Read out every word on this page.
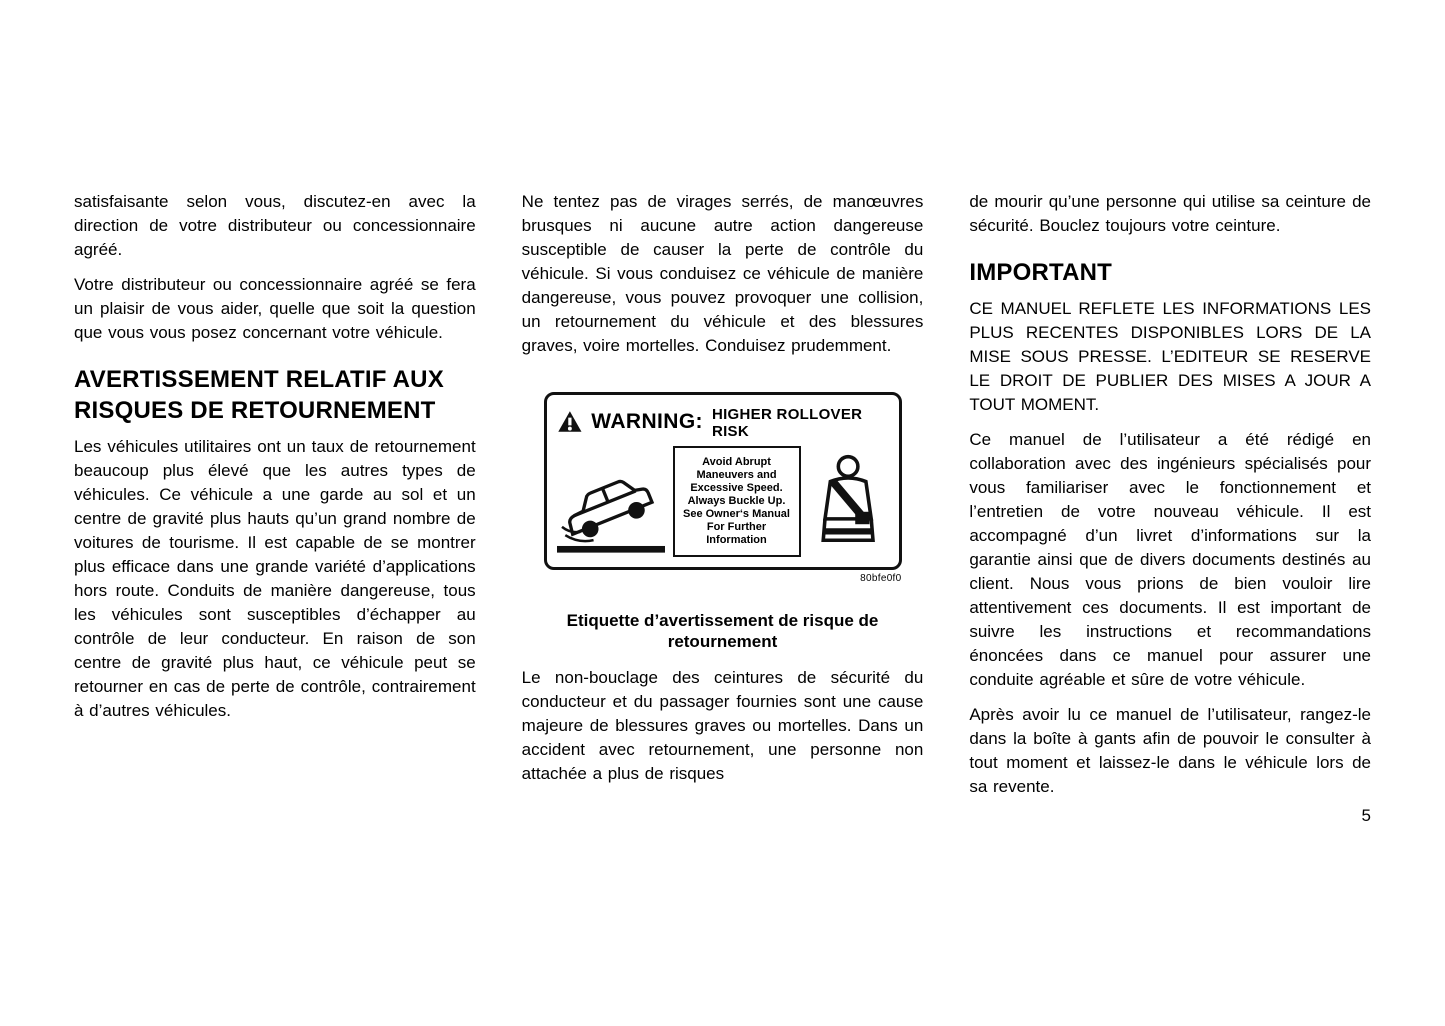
satisfaisante selon vous, discutez-en avec la direction de votre distributeur ou concessionnaire agréé.

Votre distributeur ou concessionnaire agréé se fera un plaisir de vous aider, quelle que soit la question que vous vous posez concernant votre véhicule.

AVERTISSEMENT RELATIF AUX RISQUES DE RETOURNEMENT

Les véhicules utilitaires ont un taux de retournement beaucoup plus élevé que les autres types de véhicules. Ce véhicule a une garde au sol et un centre de gravité plus hauts qu’un grand nombre de voitures de tourisme. Il est capable de se montrer plus efficace dans une grande variété d’applications hors route. Conduits de manière dangereuse, tous les véhicules sont susceptibles d’échapper au contrôle de leur conducteur. En raison de son centre de gravité plus haut, ce véhicule peut se retourner en cas de perte de contrôle, contrairement à d’autres véhicules.

Ne tentez pas de virages serrés, de manœuvres brusques ni aucune autre action dangereuse susceptible de causer la perte de contrôle du véhicule. Si vous conduisez ce véhicule de manière dangereuse, vous pouvez provoquer une collision, un retournement du véhicule et des blessures graves, voire mortelles. Conduisez prudemment.

WARNING: HIGHER ROLLOVER RISK
Avoid Abrupt Maneuvers and Excessive Speed.
Always Buckle Up.
See Owner‘s Manual For Further Information
80bfe0f0
Etiquette d’avertissement de risque de retournement

Le non-bouclage des ceintures de sécurité du conducteur et du passager fournies sont une cause majeure de blessures graves ou mortelles. Dans un accident avec retournement, une personne non attachée a plus de risques

de mourir qu’une personne qui utilise sa ceinture de sécurité. Bouclez toujours votre ceinture.

IMPORTANT

CE MANUEL REFLETE LES INFORMATIONS LES PLUS RECENTES DISPONIBLES LORS DE LA MISE SOUS PRESSE. L’EDITEUR SE RESERVE LE DROIT DE PUBLIER DES MISES A JOUR A TOUT MOMENT.

Ce manuel de l’utilisateur a été rédigé en collaboration avec des ingénieurs spécialisés pour vous familiariser avec le fonctionnement et l’entretien de votre nouveau véhicule. Il est accompagné d’un livret d’informations sur la garantie ainsi que de divers documents destinés au client. Nous vous prions de bien vouloir lire attentivement ces documents. Il est important de suivre les instructions et recommandations énoncées dans ce manuel pour assurer une conduite agréable et sûre de votre véhicule.

Après avoir lu ce manuel de l’utilisateur, rangez-le dans la boîte à gants afin de pouvoir le consulter à tout moment et laissez-le dans le véhicule lors de sa revente.

5
